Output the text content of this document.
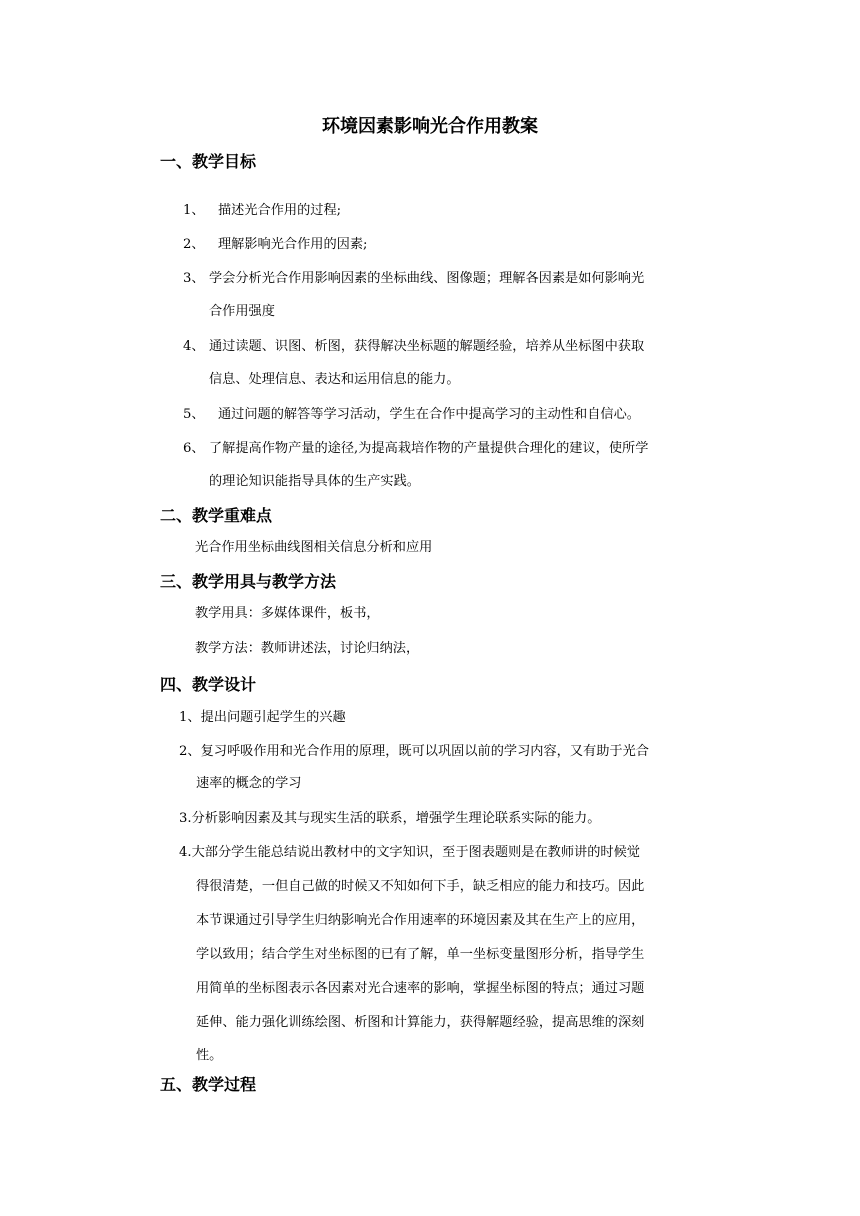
环境因素影响光合作用教案
一、教学目标
1、 描述光合作用的过程;
2、 理解影响光合作用的因素;
3、 学会分析光合作用影响因素的坐标曲线、图像题；理解各因素是如何影响光
合作用强度
4、 通过读题、识图、析图，获得解决坐标题的解题经验，培养从坐标图中获取
信息、处理信息、表达和运用信息的能力。
5、 通过问题的解答等学习活动，学生在合作中提高学习的主动性和自信心。
6、 了解提高作物产量的途径,为提高栽培作物的产量提供合理化的建议，使所学
的理论知识能指导具体的生产实践。
二、教学重难点
光合作用坐标曲线图相关信息分析和应用
三、教学用具与教学方法
教学用具：多媒体课件，板书，
教学方法：教师讲述法，讨论归纳法，
四、教学设计
1、提出问题引起学生的兴趣
2、复习呼吸作用和光合作用的原理，既可以巩固以前的学习内容，又有助于光合
速率的概念的学习
3.分析影响因素及其与现实生活的联系，增强学生理论联系实际的能力。
4.大部分学生能总结说出教材中的文字知识，至于图表题则是在教师讲的时候觉
得很清楚，一但自己做的时候又不知如何下手，缺乏相应的能力和技巧。因此
本节课通过引导学生归纳影响光合作用速率的环境因素及其在生产上的应用，
学以致用；结合学生对坐标图的已有了解，单一坐标变量图形分析，指导学生
用简单的坐标图表示各因素对光合速率的影响，掌握坐标图的特点；通过习题
延伸、能力强化训练绘图、析图和计算能力，获得解题经验，提高思维的深刻
性。
五、教学过程
